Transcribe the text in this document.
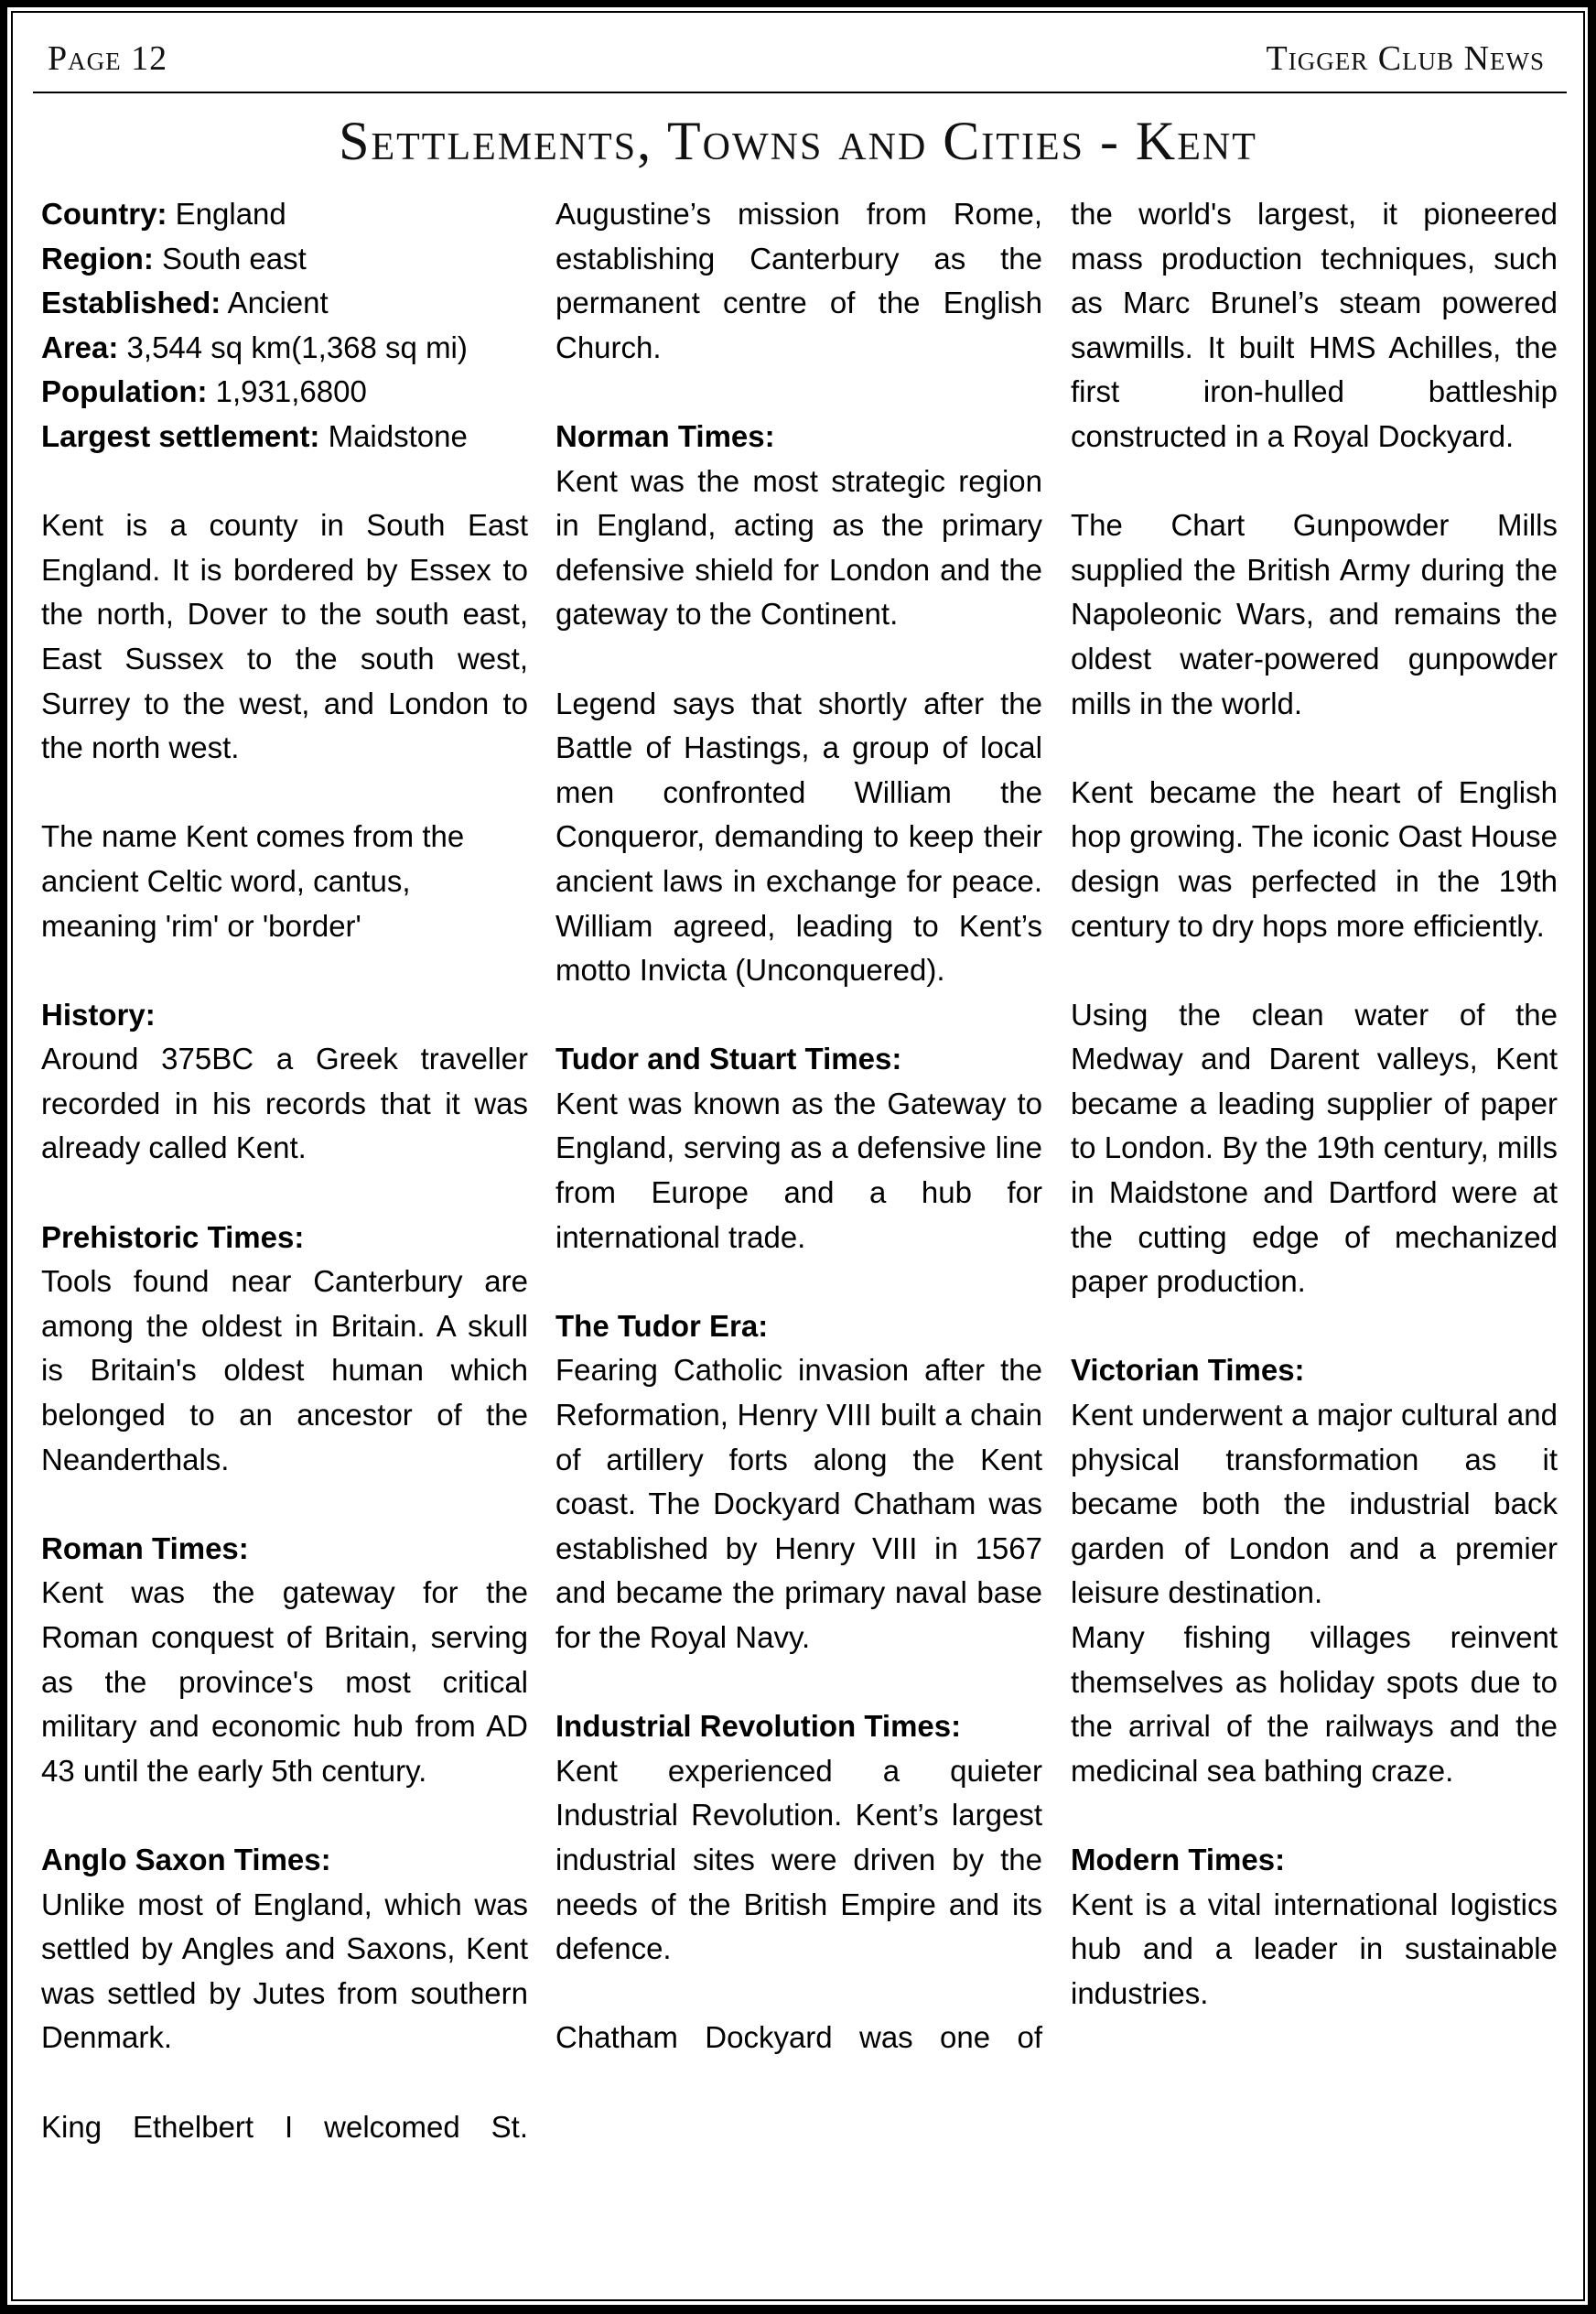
Page 12	Tigger Club News
Settlements, Towns and Cities - Kent

Country: England

Region: South east

Established: Ancient

Area: 3,544 sq km(1,368 sq mi)

Population: 1,931,6800

Largest settlement: Maidstone

Kent is a county in South East England. It is bordered by Essex to the north, Dover to the south east, East Sussex to the south west, Surrey to the west, and London to the north west.

The name Kent comes from the ancient Celtic word, cantus, meaning 'rim' or 'border'

History:

Around 375BC a Greek traveller recorded in his records that it was already called Kent.

Prehistoric Times:

Tools found near Canterbury are among the oldest in Britain. A skull is Britain's oldest human which belonged to an ancestor of the Neanderthals.

Roman Times:

Kent was the gateway for the Roman conquest of Britain, serving as the province's most critical military and economic hub from AD 43 until the early 5th century.

Anglo Saxon Times:

Unlike most of England, which was settled by Angles and Saxons, Kent was settled by Jutes from southern Denmark.

King Ethelbert I welcomed St.

Augustine’s mission from Rome, establishing Canterbury as the permanent centre of the English Church.

Norman Times:

Kent was the most strategic region in England, acting as the primary defensive shield for London and the gateway to the Continent.

Legend says that shortly after the Battle of Hastings, a group of local men confronted William the Conqueror, demanding to keep their ancient laws in exchange for peace. William agreed, leading to Kent’s motto Invicta (Unconquered).

Tudor and Stuart Times:

Kent was known as the Gateway to England, serving as a defensive line from Europe and a hub for international trade.

The Tudor Era:

Fearing Catholic invasion after the Reformation, Henry VIII built a chain of artillery forts along the Kent coast. The Dockyard Chatham was established by Henry VIII in 1567 and became the primary naval base for the Royal Navy.

Industrial Revolution Times:

Kent experienced a quieter Industrial Revolution. Kent’s largest industrial sites were driven by the needs of the British Empire and its defence.

Chatham Dockyard was one of

the world's largest, it pioneered mass production techniques, such as Marc Brunel’s steam powered sawmills. It built HMS Achilles, the first iron-hulled battleship constructed in a Royal Dockyard.

The Chart Gunpowder Mills supplied the British Army during the Napoleonic Wars, and remains the oldest water-powered gunpowder mills in the world.

Kent became the heart of English hop growing. The iconic Oast House design was perfected in the 19th century to dry hops more efficiently.

Using the clean water of the Medway and Darent valleys, Kent became a leading supplier of paper to London. By the 19th century, mills in Maidstone and Dartford were at the cutting edge of mechanized paper production.

Victorian Times:

Kent underwent a major cultural and physical transformation as it became both the industrial back garden of London and a premier leisure destination.

Many fishing villages reinvent themselves as holiday spots due to the arrival of the railways and the medicinal sea bathing craze.

Modern Times:

Kent is a vital international logistics hub and a leader in sustainable industries.
